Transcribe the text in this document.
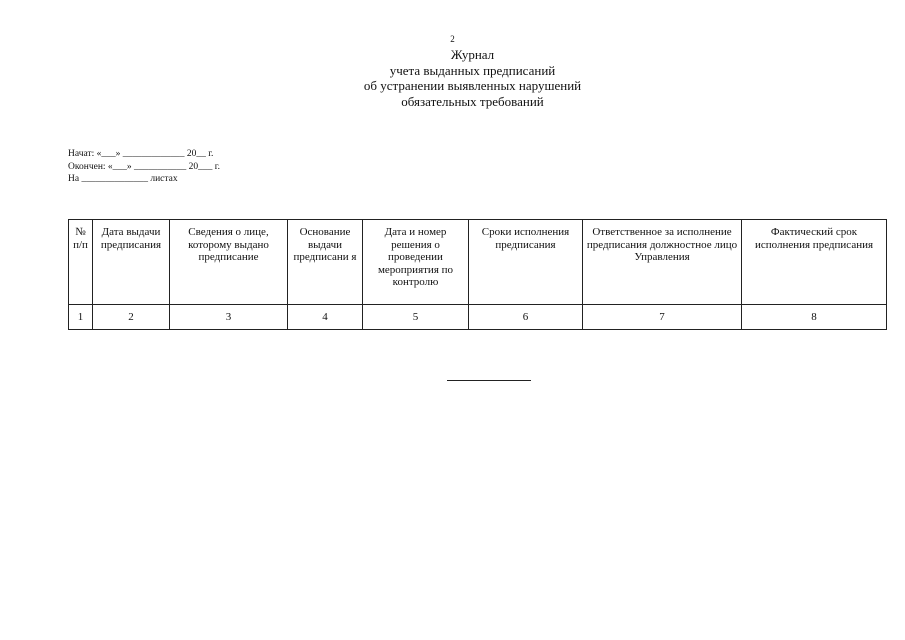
2
Журнал
учета выданных предписаний
об устранении выявленных нарушений
обязательных требований
Начат: «___» _____________ 20__ г.
Окончен: «___» ___________ 20___ г.
На ______________ листах
№ п/п	Дата выдачи предписания	Сведения о лице, которому выдано предписание	Основание выдачи предписани я	Дата и номер решения о проведении мероприятия по контролю	Сроки исполнения предписания	Ответственное за исполнение предписания должностное лицо Управления	Фактический срок исполнения предписания

1	2	3	4	5	6	7	8
